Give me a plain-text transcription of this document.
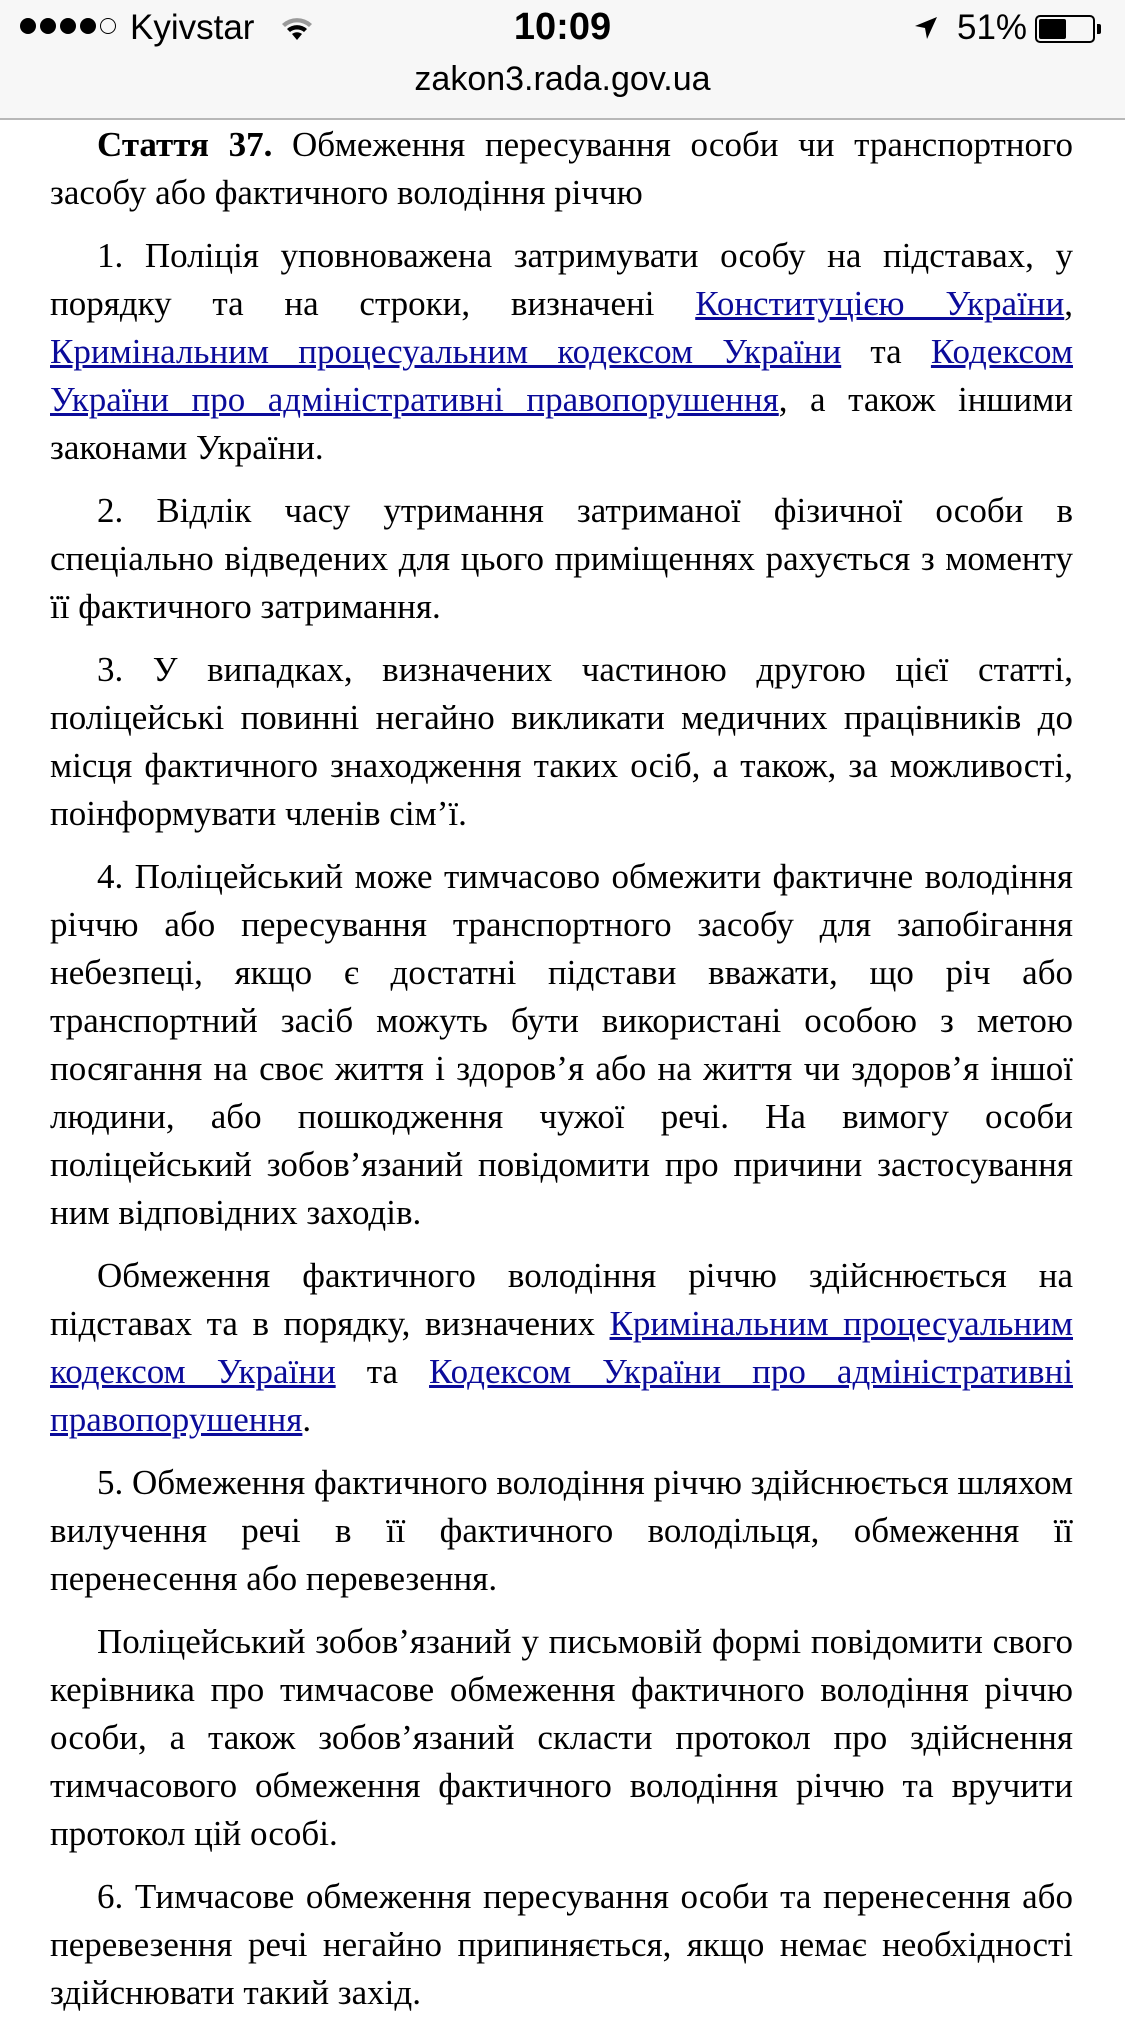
Kyivstar	10:09	51%
zakon3.rada.gov.ua

Стаття 37. Обмеження пересування особи чи транспортного засобу або фактичного володіння річчю

1. Поліція уповноважена затримувати особу на підставах, у порядку та на строки, визначені Конституцією України, Кримінальним процесуальним кодексом України та Кодексом України про адміністративні правопорушення, а також іншими законами України.

2. Відлік часу утримання затриманої фізичної особи в спеціально відведених для цього приміщеннях рахується з моменту її фактичного затримання.

3. У випадках, визначених частиною другою цієї статті, поліцейські повинні негайно викликати медичних працівників до місця фактичного знаходження таких осіб, а також, за можливості, поінформувати членів сім’ї.

4. Поліцейський може тимчасово обмежити фактичне володіння річчю або пересування транспортного засобу для запобігання небезпеці, якщо є достатні підстави вважати, що річ або транспортний засіб можуть бути використані особою з метою посягання на своє життя і здоров’я або на життя чи здоров’я іншої людини, або пошкодження чужої речі. На вимогу особи поліцейський зобов’язаний повідомити про причини застосування ним відповідних заходів.

Обмеження фактичного володіння річчю здійснюється на підставах та в порядку, визначених Кримінальним процесуальним кодексом України та Кодексом України про адміністративні правопорушення.

5. Обмеження фактичного володіння річчю здійснюється шляхом вилучення речі в її фактичного володільця, обмеження її перенесення або перевезення.

Поліцейський зобов’язаний у письмовій формі повідомити свого керівника про тимчасове обмеження фактичного володіння річчю особи, а також зобов’язаний скласти протокол про здійснення тимчасового обмеження фактичного володіння річчю та вручити протокол цій особі.

6. Тимчасове обмеження пересування особи та перенесення або перевезення речі негайно припиняється, якщо немає необхідності здійснювати такий захід.
